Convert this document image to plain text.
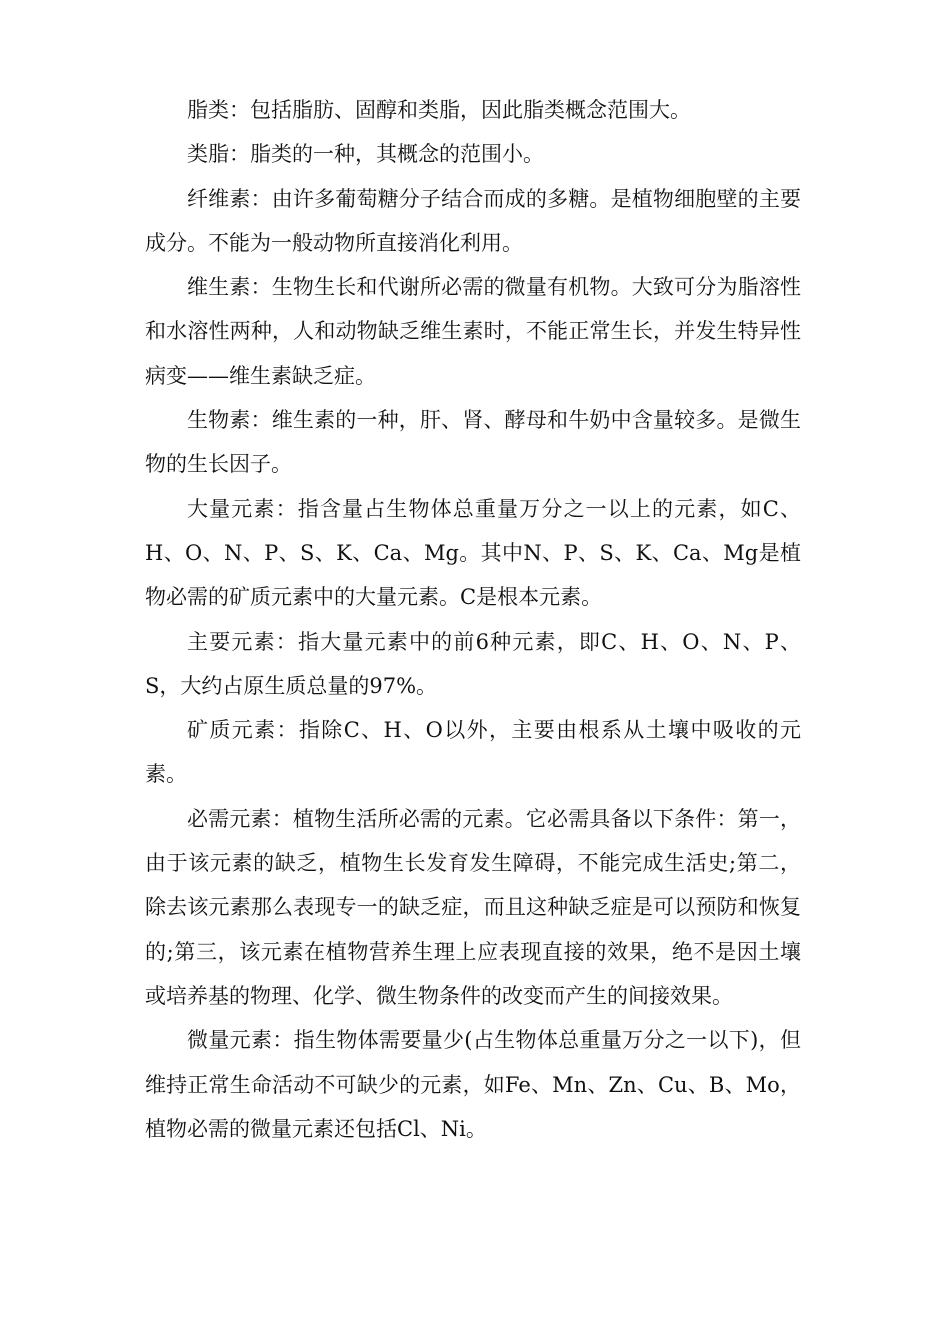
脂类：包括脂肪、固醇和类脂，因此脂类概念范围大。

类脂：脂类的一种，其概念的范围小。

纤维素：由许多葡萄糖分子结合而成的多糖。是植物细胞壁的主要成分。不能为一般动物所直接消化利用。

维生素：生物生长和代谢所必需的微量有机物。大致可分为脂溶性和水溶性两种，人和动物缺乏维生素时，不能正常生长，并发生特异性病变——维生素缺乏症。

生物素：维生素的一种，肝、肾、酵母和牛奶中含量较多。是微生物的生长因子。

大量元素：指含量占生物体总重量万分之一以上的元素，如C、H、O、N、P、S、K、Ca、Mg。其中N、P、S、K、Ca、Mg是植物必需的矿质元素中的大量元素。C是根本元素。

主要元素：指大量元素中的前6种元素，即C、H、O、N、P、S，大约占原生质总量的97%。

矿质元素：指除C、H、O以外，主要由根系从土壤中吸收的元素。

必需元素：植物生活所必需的元素。它必需具备以下条件：第一，由于该元素的缺乏，植物生长发育发生障碍，不能完成生活史;第二，除去该元素那么表现专一的缺乏症，而且这种缺乏症是可以预防和恢复的;第三，该元素在植物营养生理上应表现直接的效果，绝不是因土壤或培养基的物理、化学、微生物条件的改变而产生的间接效果。

微量元素：指生物体需要量少(占生物体总重量万分之一以下)，但维持正常生命活动不可缺少的元素，如Fe、Mn、Zn、Cu、B、Mo，植物必需的微量元素还包括Cl、Ni。
